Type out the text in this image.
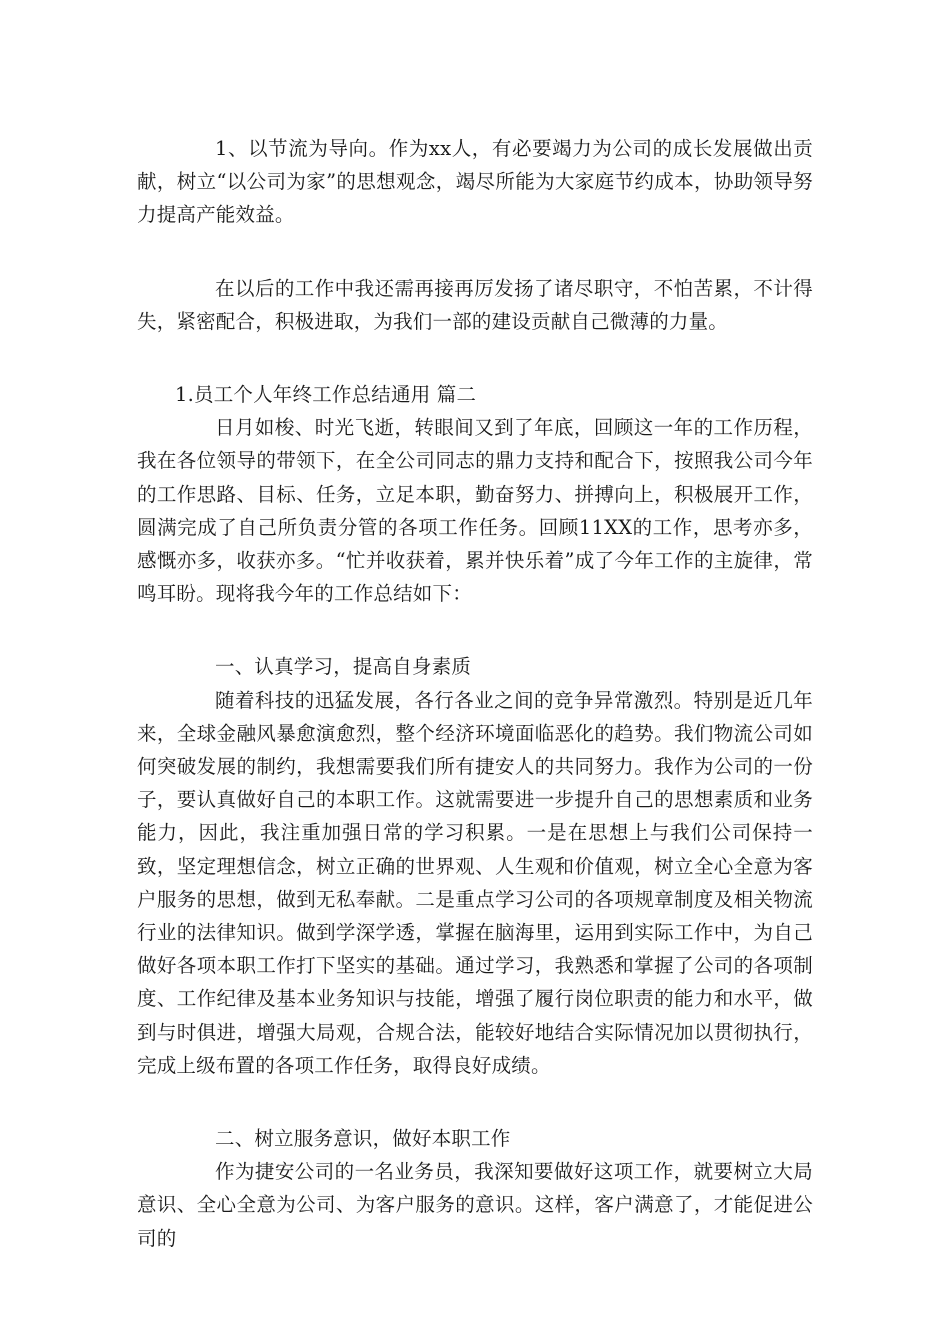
1、以节流为导向。作为xx人，有必要竭力为公司的成长发展做出贡献，树立“以公司为家”的思想观念，竭尽所能为大家庭节约成本，协助领导努力提高产能效益。

在以后的工作中我还需再接再厉发扬了诸尽职守，不怕苦累，不计得失，紧密配合，积极进取，为我们一部的建设贡献自己微薄的力量。

1.员工个人年终工作总结通用 篇二

日月如梭、时光飞逝，转眼间又到了年底，回顾这一年的工作历程，我在各位领导的带领下，在全公司同志的鼎力支持和配合下，按照我公司今年的工作思路、目标、任务，立足本职，勤奋努力、拼搏向上，积极展开工作，圆满完成了自己所负责分管的各项工作任务。回顾11XX的工作，思考亦多，感慨亦多，收获亦多。“忙并收获着，累并快乐着”成了今年工作的主旋律，常鸣耳盼。现将我今年的工作总结如下：

一、认真学习，提高自身素质

随着科技的迅猛发展，各行各业之间的竞争异常激烈。特别是近几年来，全球金融风暴愈演愈烈，整个经济环境面临恶化的趋势。我们物流公司如何突破发展的制约，我想需要我们所有捷安人的共同努力。我作为公司的一份子，要认真做好自己的本职工作。这就需要进一步提升自己的思想素质和业务能力，因此，我注重加强日常的学习积累。一是在思想上与我们公司保持一致，坚定理想信念，树立正确的世界观、人生观和价值观，树立全心全意为客户服务的思想，做到无私奉献。二是重点学习公司的各项规章制度及相关物流行业的法律知识。做到学深学透，掌握在脑海里，运用到实际工作中，为自己做好各项本职工作打下坚实的基础。通过学习，我熟悉和掌握了公司的各项制度、工作纪律及基本业务知识与技能，增强了履行岗位职责的能力和水平，做到与时俱进，增强大局观，合规合法，能较好地结合实际情况加以贯彻执行，完成上级布置的各项工作任务，取得良好成绩。

二、树立服务意识，做好本职工作

作为捷安公司的一名业务员，我深知要做好这项工作，就要树立大局意识、全心全意为公司、为客户服务的意识。这样，客户满意了，才能促进公司的
